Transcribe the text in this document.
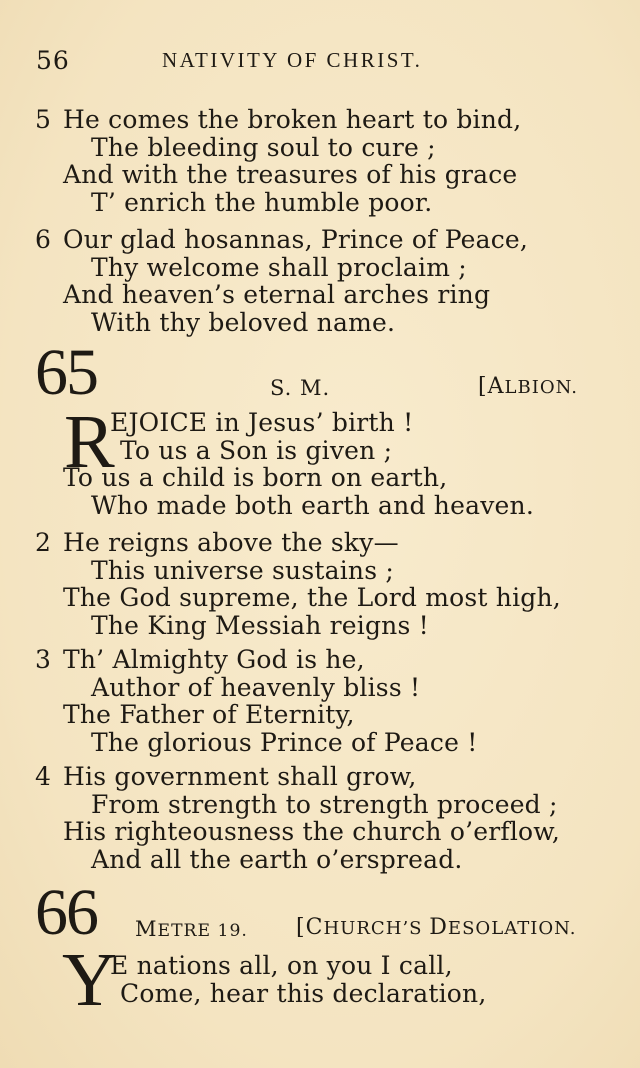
56	NATIVITY OF CHRIST.
5 He comes the broken heart to bind,
The bleeding soul to cure ;
And with the treasures of his grace
T’ enrich the humble poor.
6 Our glad hosannas, Prince of Peace,
Thy welcome shall proclaim ;
And heaven’s eternal arches ring
With thy beloved name.
65	S. M.	[ALBION.
R
EJOICE in Jesus’ birth !
To us a Son is given ;
To us a child is born on earth,
Who made both earth and heaven.
2 He reigns above the sky—
This universe sustains ;
The God supreme, the Lord most high,
The King Messiah reigns !
3 Th’ Almighty God is he,
Author of heavenly bliss !
The Father of Eternity,
The glorious Prince of Peace !
4 His government shall grow,
From strength to strength proceed ;
His righteousness the church o’erflow,
And all the earth o’erspread.
66 METRE 19. [CHURCH’S DESOLATION.
Y
E nations all, on you I call,
Come, hear this declaration,
